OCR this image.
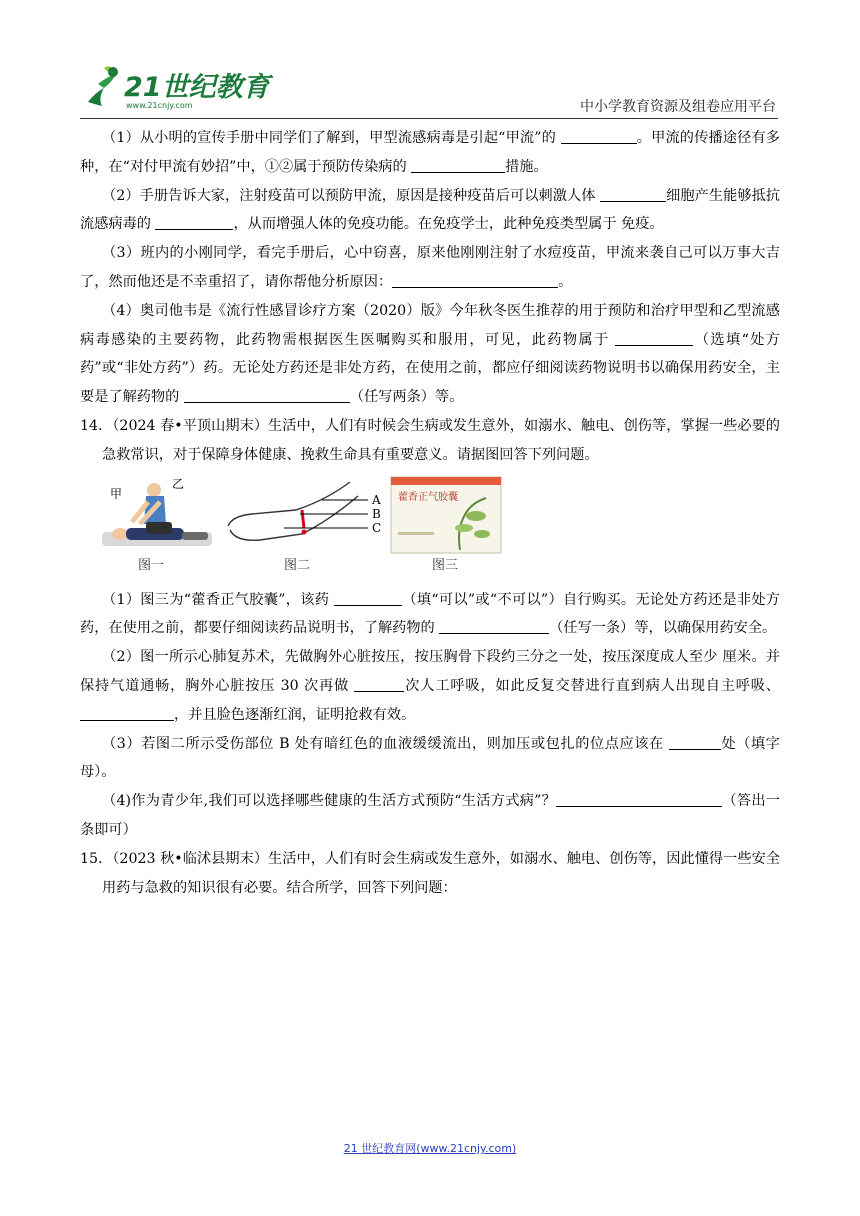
21世纪教育
www.21cnjy.com	中小学教育资源及组卷应用平台

（1）从小明的宣传手册中同学们了解到，甲型流感病毒是引起“甲流”的	。甲流的传播途径有多种，在“对付甲流有妙招”中，①②属于预防传染病的	措施。

（2）手册告诉大家，注射疫苗可以预防甲流，原因是接种疫苗后可以刺激人体	细胞产生能够抵抗流感病毒的	，从而增强人体的免疫功能。在免疫学士，此种免疫类型属于 免疫。

（3）班内的小刚同学，看完手册后，心中窃喜，原来他刚刚注射了水痘疫苗，甲流来袭自己可以万事大吉了，然而他还是不幸重招了，请你帮他分析原因：	。

（4）奥司他韦是《流行性感冒诊疗方案（2020）版》今年秋冬医生推荐的用于预防和治疗甲型和乙型流感病毒感染的主要药物，此药物需根据医生医嘱购买和服用，可见，此药物属于	（选填“处方药”或“非处方药”）药。无论处方药还是非处方药，在使用之前，都应仔细阅读药物说明书以确保用药安全，主要是了解药物的	（任写两条）等。

14．（2024 春•平顶山期末）生活中，人们有时候会生病或发生意外，如溺水、触电、创伤等，掌握一些必要的急救常识，对于保障身体健康、挽救生命具有重要意义。请据图回答下列问题。

甲
乙
图一
A
B
C
图二
藿香正气胶囊
图三

（1）图三为“藿香正气胶囊”，该药	（填“可以”或“不可以”）自行购买。无论处方药还是非处方药，在使用之前，都要仔细阅读药品说明书，了解药物的	（任写一条）等，以确保用药安全。

（2）图一所示心肺复苏术，先做胸外心脏按压，按压胸骨下段约三分之一处，按压深度成人至少 厘米。并保持气道通畅，胸外心脏按压 30 次再做	次人工呼吸，如此反复交替进行直到病人出现自主呼吸、，并且脸色逐渐红润，证明抢救有效。

（3）若图二所示受伤部位 B 处有暗红色的血液缓缓流出，则加压或包扎的位点应该在	处（填字母）。

（4)作为青少年,我们可以选择哪些健康的生活方式预防“生活方式病”？	（答出一条即可）

15．（2023 秋•临沭县期末）生活中，人们有时会生病或发生意外，如溺水、触电、创伤等，因此懂得一些安全用药与急救的知识很有必要。结合所学，回答下列问题：

21 世纪教育网(www.21cnjy.com)
